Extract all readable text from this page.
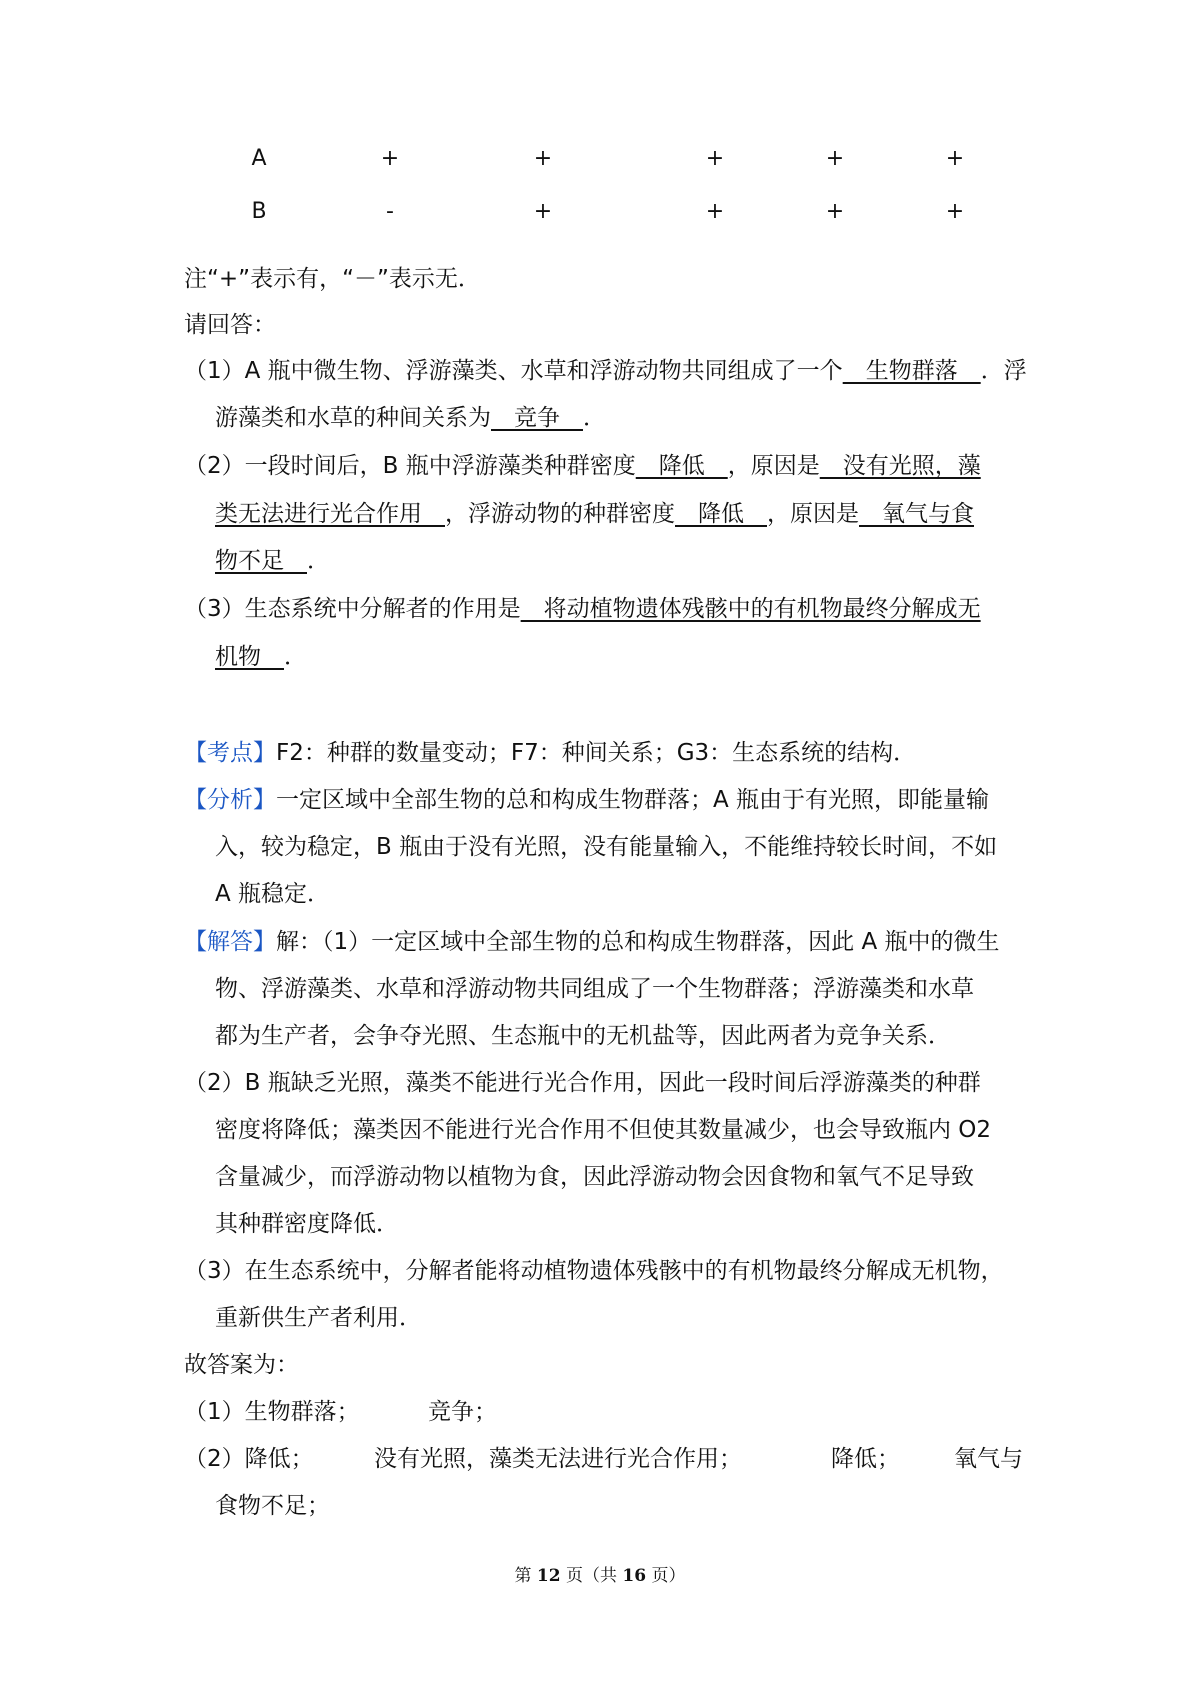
A	+	+	+	+	+
B	-	+	+	+	+
注“+”表示有，“－”表示无．
请回答：
（1）A 瓶中微生物、浮游藻类、水草和浮游动物共同组成了一个　生物群落　．浮
游藻类和水草的种间关系为　竞争　．
（2）一段时间后，B 瓶中浮游藻类种群密度　降低　，原因是　没有光照，藻
类无法进行光合作用　，浮游动物的种群密度　降低　，原因是　氧气与食
物不足　．
（3）生态系统中分解者的作用是　将动植物遗体残骸中的有机物最终分解成无
机物　．
【考点】F2：种群的数量变动；F7：种间关系；G3：生态系统的结构．
【分析】一定区域中全部生物的总和构成生物群落；A 瓶由于有光照，即能量输
入，较为稳定，B 瓶由于没有光照，没有能量输入，不能维持较长时间，不如
A 瓶稳定．
【解答】解：（1）一定区域中全部生物的总和构成生物群落，因此 A 瓶中的微生
物、浮游藻类、水草和浮游动物共同组成了一个生物群落；浮游藻类和水草
都为生产者，会争夺光照、生态瓶中的无机盐等，因此两者为竞争关系．
（2）B 瓶缺乏光照，藻类不能进行光合作用，因此一段时间后浮游藻类的种群
密度将降低；藻类因不能进行光合作用不但使其数量减少，也会导致瓶内 O2
含量减少，而浮游动物以植物为食，因此浮游动物会因食物和氧气不足导致
其种群密度降低．
（3）在生态系统中，分解者能将动植物遗体残骸中的有机物最终分解成无机物，
重新供生产者利用．
故答案为：
（1）生物群落；	竞争；
（2）降低；	没有光照，藻类无法进行光合作用；	降低； 氧气与
食物不足；
第 12 页（共 16 页）
